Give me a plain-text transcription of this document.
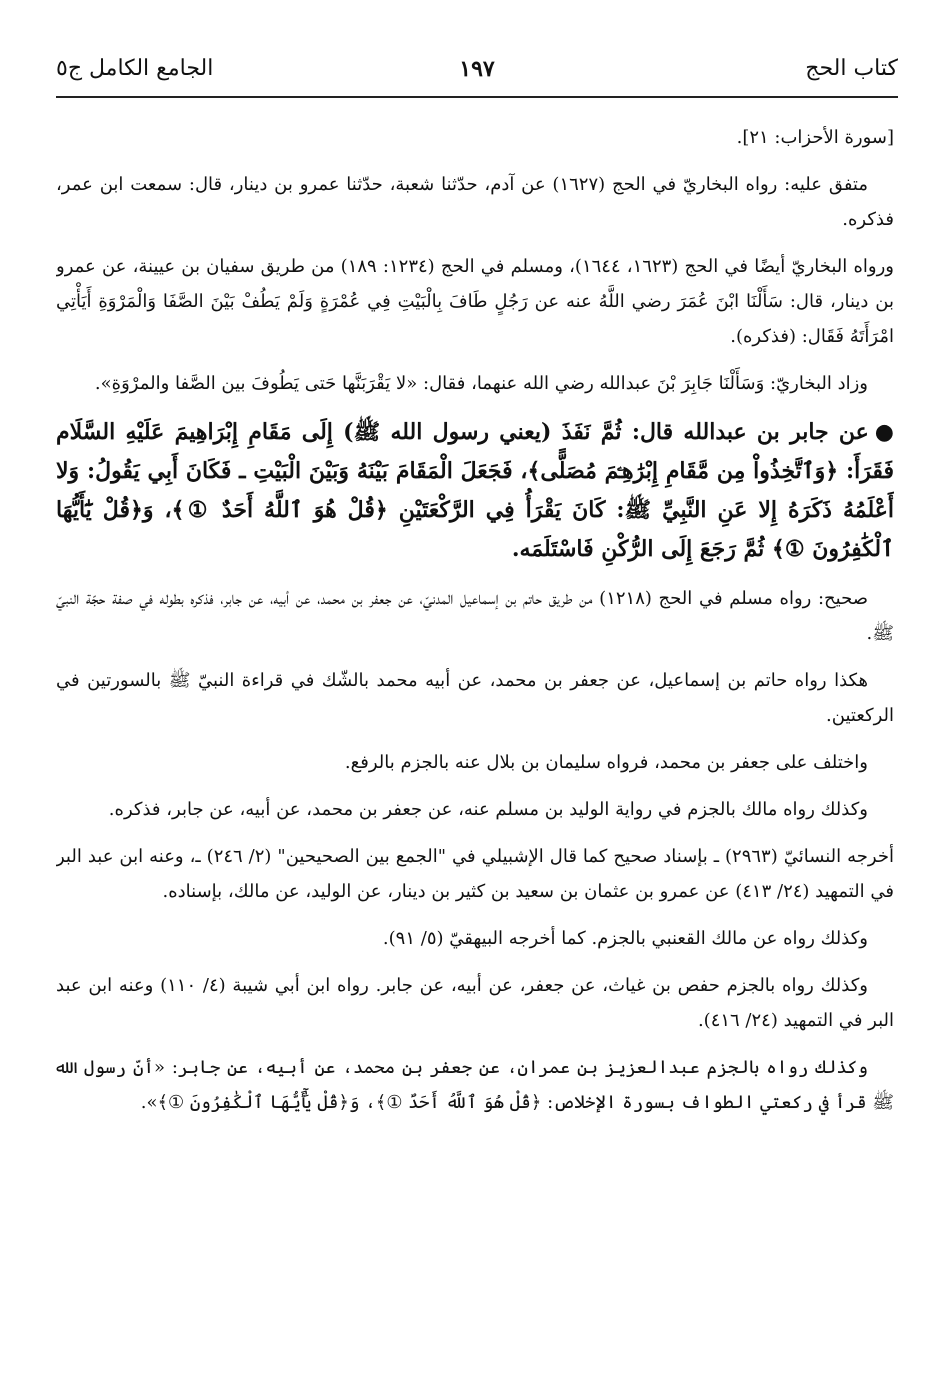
كتاب الحج
١٩٧
الجامع الكامل ج٥

[سورة الأحزاب: ٢١].

متفق عليه: رواه البخاريّ في الحج (١٦٢٧) عن آدم، حدّثنا شعبة، حدّثنا عمرو بن دينار، قال: سمعت ابن عمر، فذكره.

ورواه البخاريّ أيضًا في الحج (١٦٢٣، ١٦٤٤)، ومسلم في الحج (١٢٣٤: ١٨٩) من طريق سفيان بن عيينة، عن عمرو بن دينار، قال: سَأَلْنَا ابْنَ عُمَرَ رضي اللَّهُ عنه عن رَجُلٍ طَافَ بِالْبَيْتِ فِي عُمْرَةٍ وَلَمْ يَطُفْ بَيْنَ الصَّفَا وَالْمَرْوَةِ أَيَأْتِي امْرَأَتَهُ فَقَال: (فذكره).

وزاد البخاريّ: وَسَأَلْنَا جَابِرَ بْنَ عبدالله رضي الله عنهما، فقال: «لا يَقْرَبَنَّها حَتى يَطُوفَ بين الصَّفا والمرْوَةِ».

●عن جابر بن عبدالله قال: ثُمَّ نَفَذَ (يعني رسول الله ﷺ) إِلَى مَقَامِ إِبْرَاهِيمَ عَلَيْهِ السَّلَام فَقَرَأَ: ﴿وَٱتَّخِذُواْ مِن مَّقَامِ إِبْرَٰهِـۧمَ مُصَلًّى﴾، فَجَعَلَ الْمَقَامَ بَيْنَهُ وَبَيْنَ الْبَيْتِ ـ فَكَانَ أَبِي يَقُولُ: وَلا أَعْلَمُهُ ذَكَرَهُ إِلا عَنِ النَّبِيِّ ﷺ: كَانَ يَقْرَأُ فِي الرَّكْعَتَيْنِ ﴿قُلْ هُوَ ٱللَّهُ أَحَدٌ ①﴾، وَ﴿قُلْ يَٰٓأَيُّهَا ٱلْكَٰفِرُونَ ①﴾ ثُمَّ رَجَعَ إِلَى الرُّكْنِ فَاسْتَلَمَه.

صحيح: رواه مسلم في الحج (١٢١٨) من طريق حاتم بن إسماعيل المدنيّ، عن جعفر بن محمد، عن أبيه، عن جابر، فذكره بطوله في صفة حجّة النبيّ ﷺ.

هكذا رواه حاتم بن إسماعيل، عن جعفر بن محمد، عن أبيه محمد بالشّك في قراءة النبيّ ﷺ بالسورتين في الركعتين.

واختلف على جعفر بن محمد، فرواه سليمان بن بلال عنه بالجزم بالرفع.

وكذلك رواه مالك بالجزم في رواية الوليد بن مسلم عنه، عن جعفر بن محمد، عن أبيه، عن جابر، فذكره.

أخرجه النسائيّ (٢٩٦٣) ـ بإسناد صحيح كما قال الإشبيلي في "الجمع بين الصحيحين" (٢/ ٢٤٦) ـ، وعنه ابن عبد البر في التمهيد (٢٤/ ٤١٣) عن عمرو بن عثمان بن سعيد بن كثير بن دينار، عن الوليد، عن مالك، بإسناده.

وكذلك رواه عن مالك القعنبي بالجزم. كما أخرجه البيهقيّ (٥/ ٩١).

وكذلك رواه بالجزم حفص بن غياث، عن جعفر، عن أبيه، عن جابر. رواه ابن أبي شيبة (٤/ ١١٠) وعنه ابن عبد البر في التمهيد (٢٤/ ٤١٦).

وكذلك رواه بالجزم عبدالعزيز بن عمران، عن جعفر بن محمد، عن أبيه، عن جابر: «أنّ رسول الله ﷺ قرأ في ركعتي الطواف بسورة الإخلاص: ﴿قُلْ هُوَ ٱللَّهُ أَحَدٌ ①﴾، وَ﴿قُلْ يَٰٓأَيُّهَا ٱلْكَٰفِرُونَ ①﴾».
